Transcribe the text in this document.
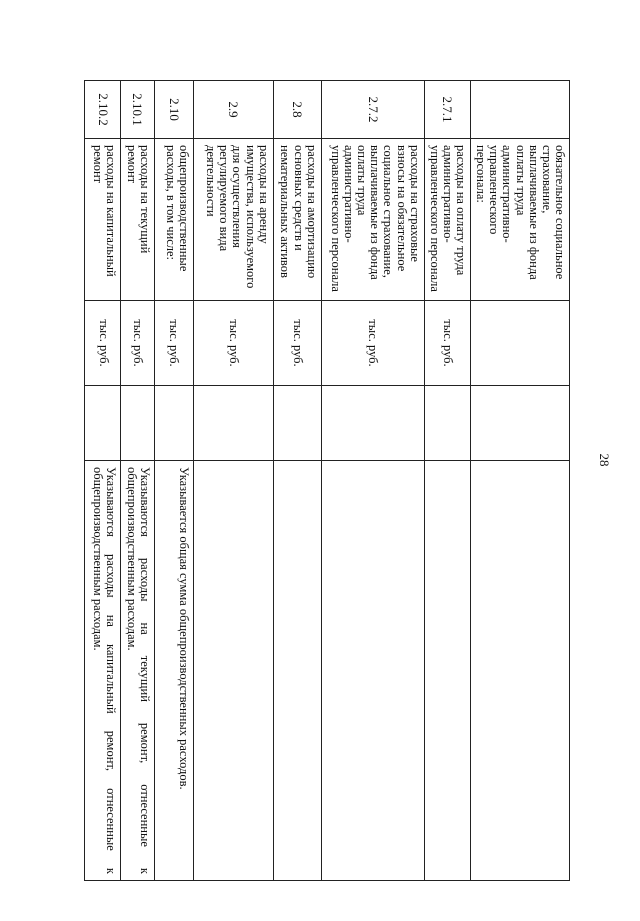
28
	обязательное социальное страхование, выплачиваемые из фонда оплаты труда административно-управленческого персонала:			
2.7.1	расходы на оплату труда административно-управленческого персонала	тыс. руб.		
2.7.2	расходы на страховые взносы на обязательное социальное страхование, выплачиваемые из фонда оплаты труда административно-управленческого персонала	тыс. руб.		
2.8	расходы на амортизацию основных средств и нематериальных активов	тыс. руб.		
2.9	расходы на аренду имущества, используемого для осуществления регулируемого вида деятельности	тыс. руб.		
2.10	общепроизводственные расходы, в том числе:	тыс. руб.		Указывается общая сумма общепроизводственных расходов.
2.10.1	расходы на текущий ремонт	тыс. руб.		Указываются расходы на текущий ремонт, отнесенные к общепроизводственным расходам.
2.10.2	расходы на капитальный ремонт	тыс. руб.		Указываются расходы на капитальный ремонт, отнесенные к общепроизводственным расходам.
